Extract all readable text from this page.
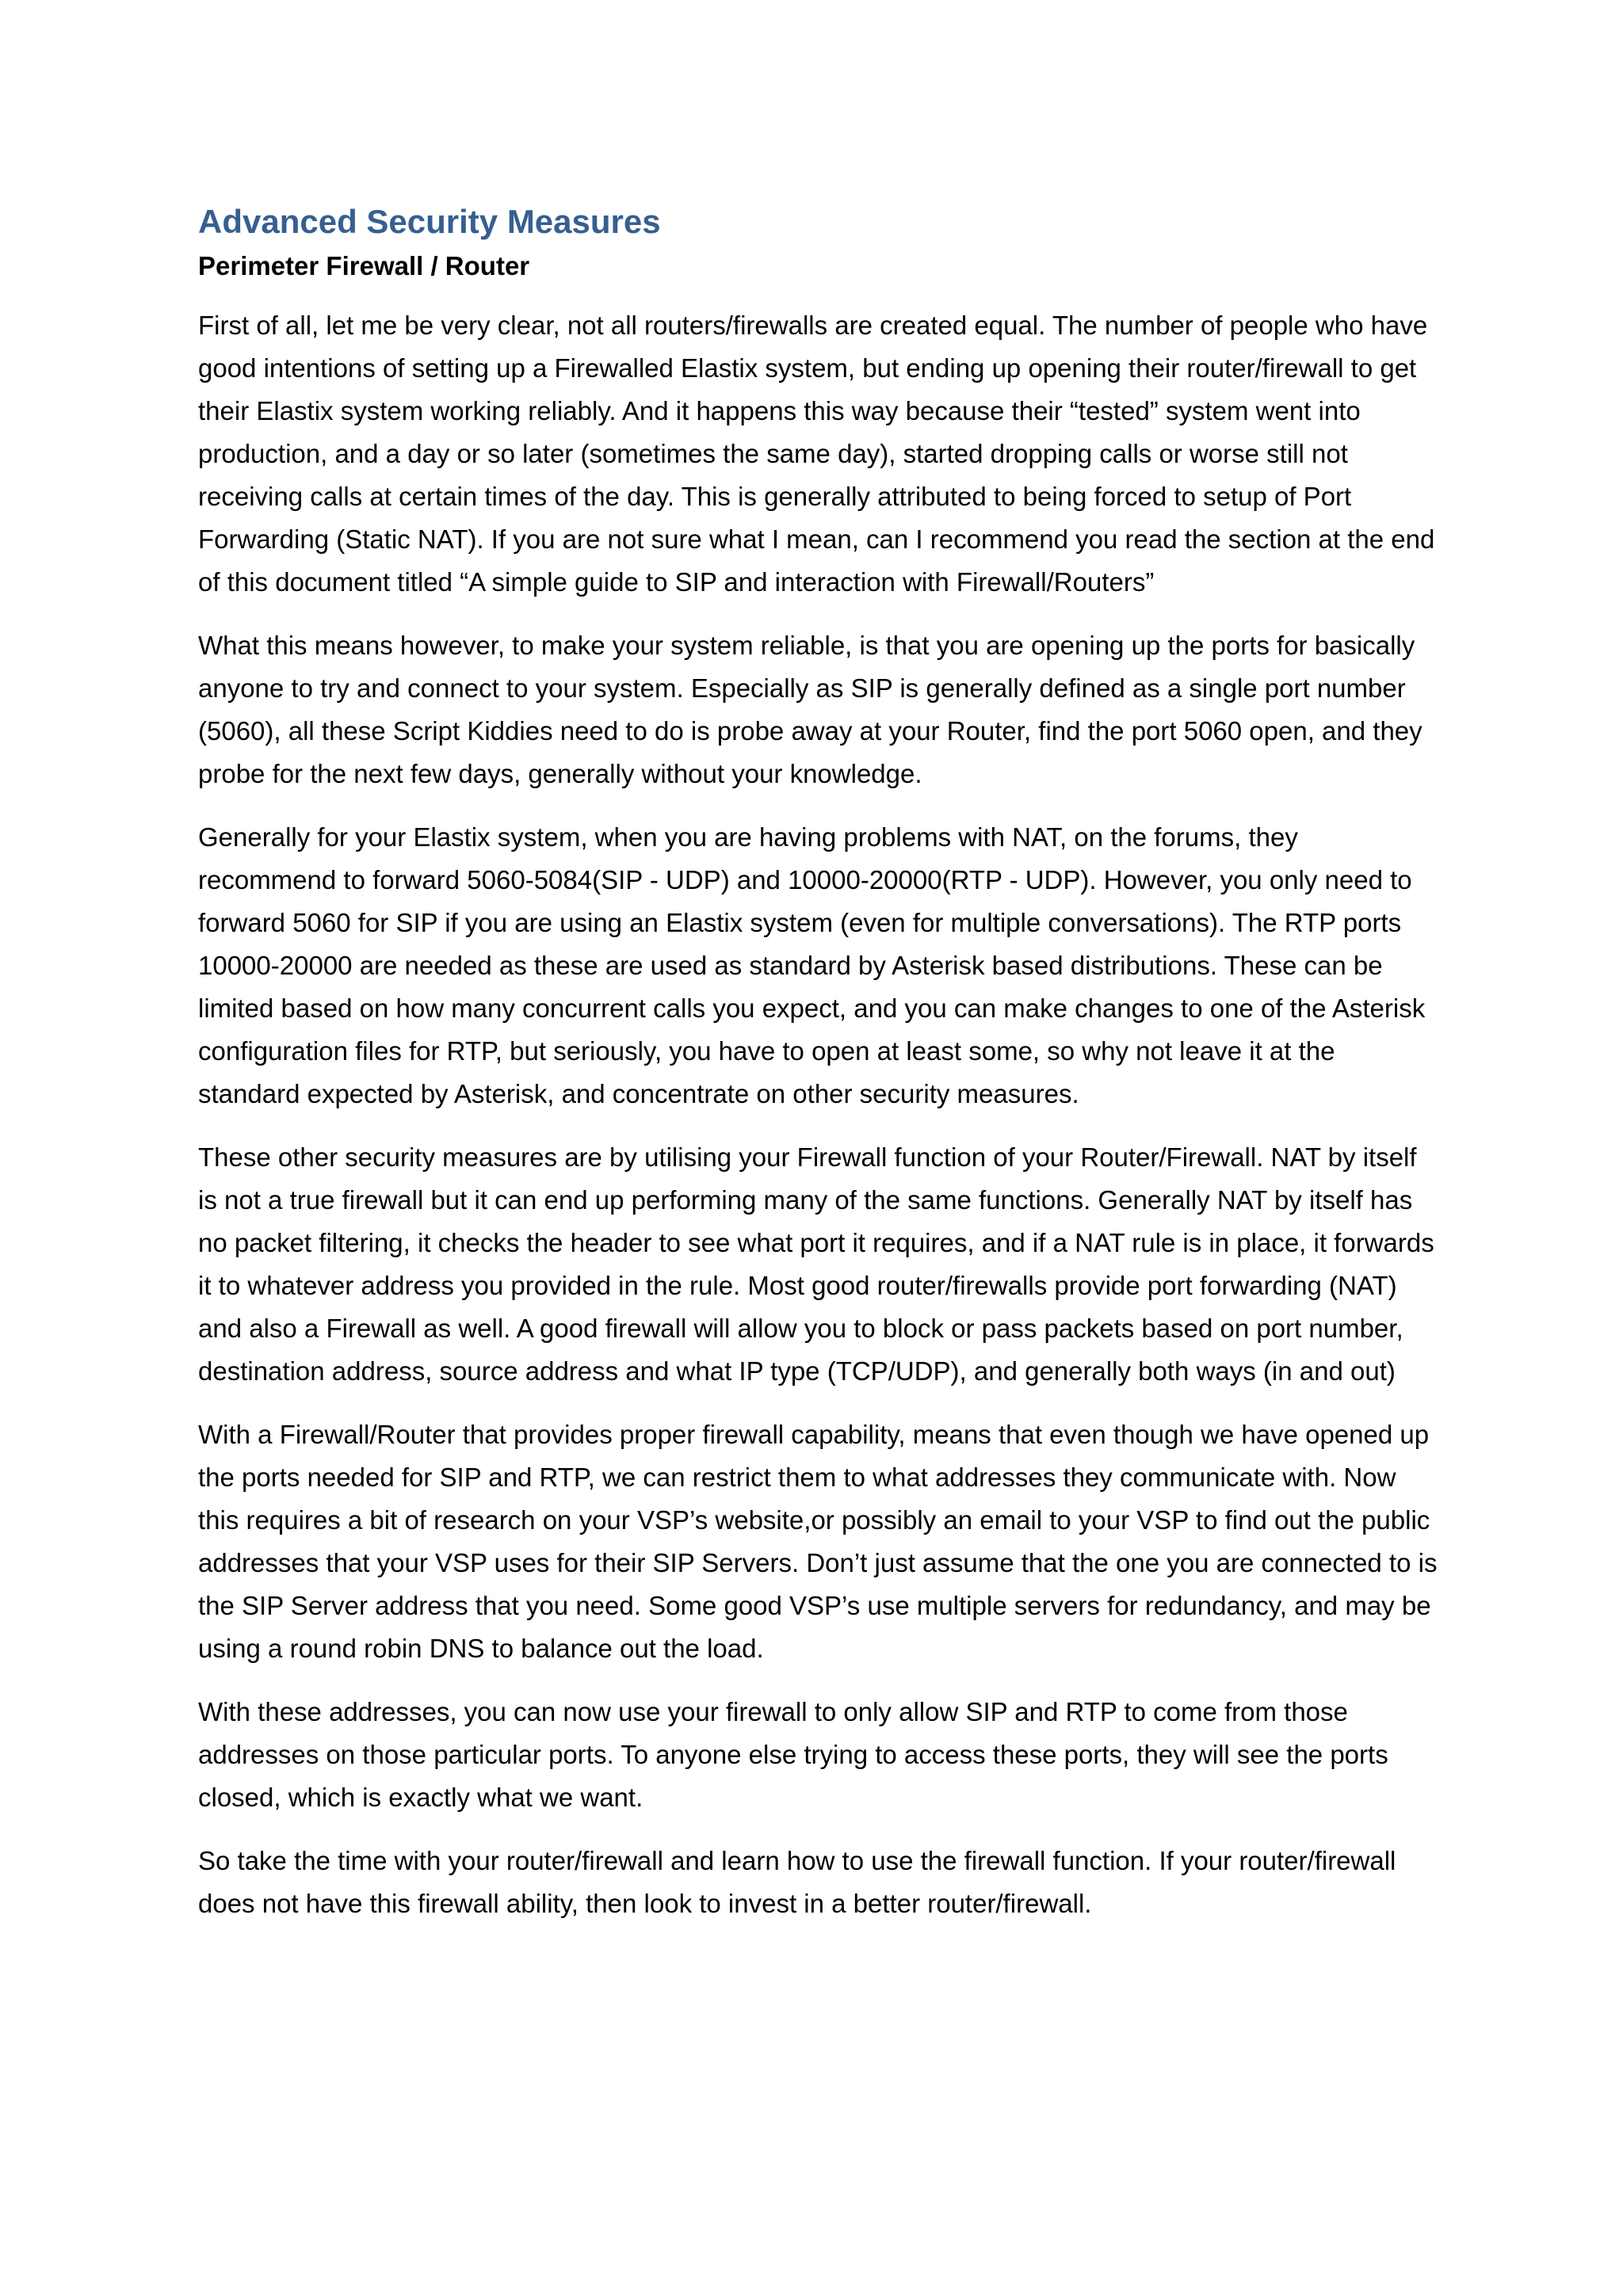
Advanced Security Measures
Perimeter Firewall / Router

First of all, let me be very clear, not all routers/firewalls are created equal. The number of people who have good intentions of setting up a Firewalled Elastix system, but ending up opening their router/firewall to get their Elastix system working reliably. And it happens this way because their “tested” system went into production, and a day or so later (sometimes the same day), started dropping calls or worse still not receiving calls at certain times of the day. This is generally attributed to being forced to setup of Port Forwarding (Static NAT). If you are not sure what I mean, can I recommend you read the section at the end of this document titled “A simple guide to SIP and interaction with Firewall/Routers”

What this means however, to make your system reliable, is that you are opening up the ports for basically anyone to try and connect to your system. Especially as SIP is generally defined as a single port number (5060), all these Script Kiddies need to do is probe away at your Router, find the port 5060 open, and they probe for the next few days, generally without your knowledge.

Generally for your Elastix system, when you are having problems with NAT, on the forums, they recommend to forward 5060-5084(SIP - UDP) and 10000-20000(RTP - UDP). However, you only need to forward 5060 for SIP if you are using an Elastix system (even for multiple conversations). The RTP ports 10000-20000 are needed as these are used as standard by Asterisk based distributions. These can be limited based on how many concurrent calls you expect, and you can make changes to one of the Asterisk configuration files for RTP, but seriously, you have to open at least some, so why not leave it at the standard expected by Asterisk, and concentrate on other security measures.

These other security measures are by utilising your Firewall function of your Router/Firewall. NAT by itself is not a true firewall but it can end up performing many of the same functions. Generally NAT by itself has no packet filtering, it checks the header to see what port it requires, and if a NAT rule is in place, it forwards it to whatever address you provided in the rule. Most good router/firewalls provide port forwarding (NAT) and also a Firewall as well. A good firewall will allow you to block or pass packets based on port number, destination address, source address and what IP type (TCP/UDP), and generally both ways (in and out)

With a Firewall/Router that provides proper firewall capability, means that even though we have opened up the ports needed for SIP and RTP, we can restrict them to what addresses they communicate with. Now this requires a bit of research on your VSP’s website,or possibly an email to your VSP to find out the public addresses that your VSP uses for their SIP Servers. Don’t just assume that the one you are connected to is the SIP Server address that you need. Some good VSP’s use multiple servers for redundancy, and may be using a round robin DNS to balance out the load.

With these addresses, you can now use your firewall to only allow SIP and RTP to come from those addresses on those particular ports. To anyone else trying to access these ports, they will see the ports closed, which is exactly what we want.

So take the time with your router/firewall and learn how to use the firewall function. If your router/firewall does not have this firewall ability, then look to invest in a better router/firewall.
